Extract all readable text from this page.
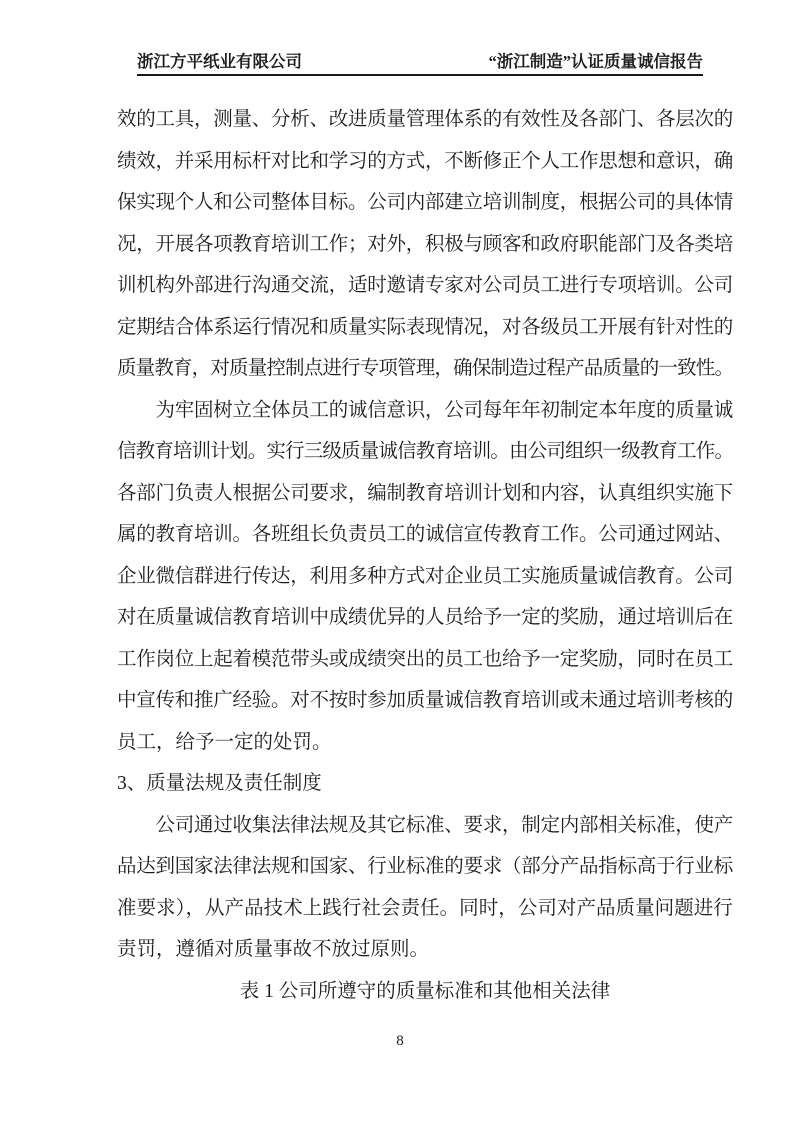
浙江方平纸业有限公司	“浙江制造”认证质量诚信报告
效的工具，测量、分析、改进质量管理体系的有效性及各部门、各层次的
绩效，并采用标杆对比和学习的方式，不断修正个人工作思想和意识，确
保实现个人和公司整体目标。公司内部建立培训制度，根据公司的具体情
况，开展各项教育培训工作；对外，积极与顾客和政府职能部门及各类培
训机构外部进行沟通交流，适时邀请专家对公司员工进行专项培训。公司
定期结合体系运行情况和质量实际表现情况，对各级员工开展有针对性的
质量教育，对质量控制点进行专项管理，确保制造过程产品质量的一致性。
　　为牢固树立全体员工的诚信意识，公司每年年初制定本年度的质量诚
信教育培训计划。实行三级质量诚信教育培训。由公司组织一级教育工作。
各部门负责人根据公司要求，编制教育培训计划和内容，认真组织实施下
属的教育培训。各班组长负责员工的诚信宣传教育工作。公司通过网站、
企业微信群进行传达，利用多种方式对企业员工实施质量诚信教育。公司
对在质量诚信教育培训中成绩优异的人员给予一定的奖励，通过培训后在
工作岗位上起着模范带头或成绩突出的员工也给予一定奖励，同时在员工
中宣传和推广经验。对不按时参加质量诚信教育培训或未通过培训考核的
员工，给予一定的处罚。
3、质量法规及责任制度
　　公司通过收集法律法规及其它标准、要求，制定内部相关标准，使产
品达到国家法律法规和国家、行业标准的要求（部分产品指标高于行业标
准要求），从产品技术上践行社会责任。同时，公司对产品质量问题进行
责罚，遵循对质量事故不放过原则。
表 1 公司所遵守的质量标准和其他相关法律
8
